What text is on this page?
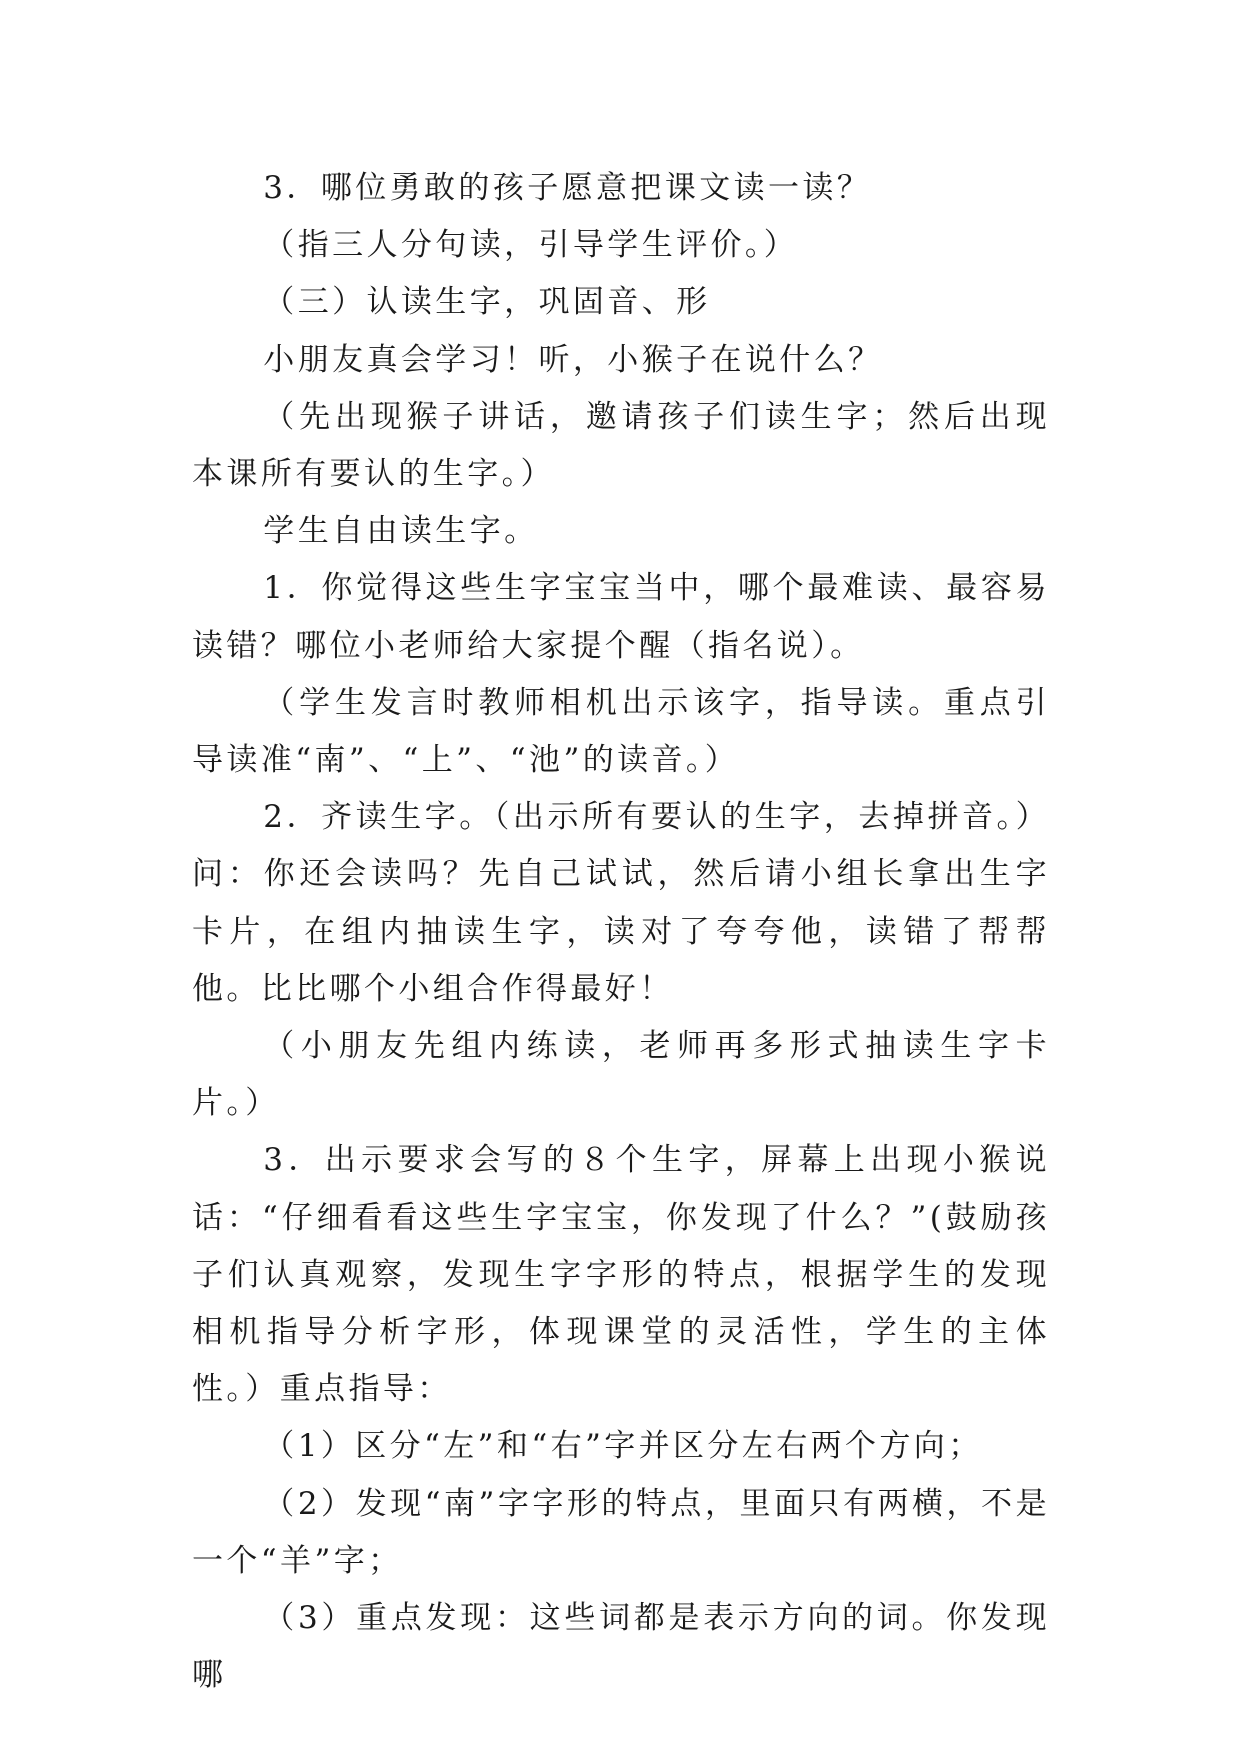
3．哪位勇敢的孩子愿意把课文读一读？

（指三人分句读，引导学生评价。）

（三）认读生字，巩固音、形

小朋友真会学习！听，小猴子在说什么？

（先出现猴子讲话，邀请孩子们读生字；然后出现本课所有要认的生字。）

学生自由读生字。

1．你觉得这些生字宝宝当中，哪个最难读、最容易读错？哪位小老师给大家提个醒（指名说）。

（学生发言时教师相机出示该字，指导读。重点引导读准“南”、“上”、“池”的读音。）

2．齐读生字。（出示所有要认的生字，去掉拼音。）问：你还会读吗？先自己试试，然后请小组长拿出生字卡片，在组内抽读生字，读对了夸夸他，读错了帮帮他。比比哪个小组合作得最好！

（小朋友先组内练读，老师再多形式抽读生字卡片。）

3．出示要求会写的８个生字，屏幕上出现小猴说话：“仔细看看这些生字宝宝，你发现了什么？”(鼓励孩子们认真观察，发现生字字形的特点，根据学生的发现相机指导分析字形，体现课堂的灵活性，学生的主体性。）重点指导：

（1）区分“左”和“右”字并区分左右两个方向；

（2）发现“南”字字形的特点，里面只有两横，不是一个“羊”字；

（3）重点发现：这些词都是表示方向的词。你发现哪
